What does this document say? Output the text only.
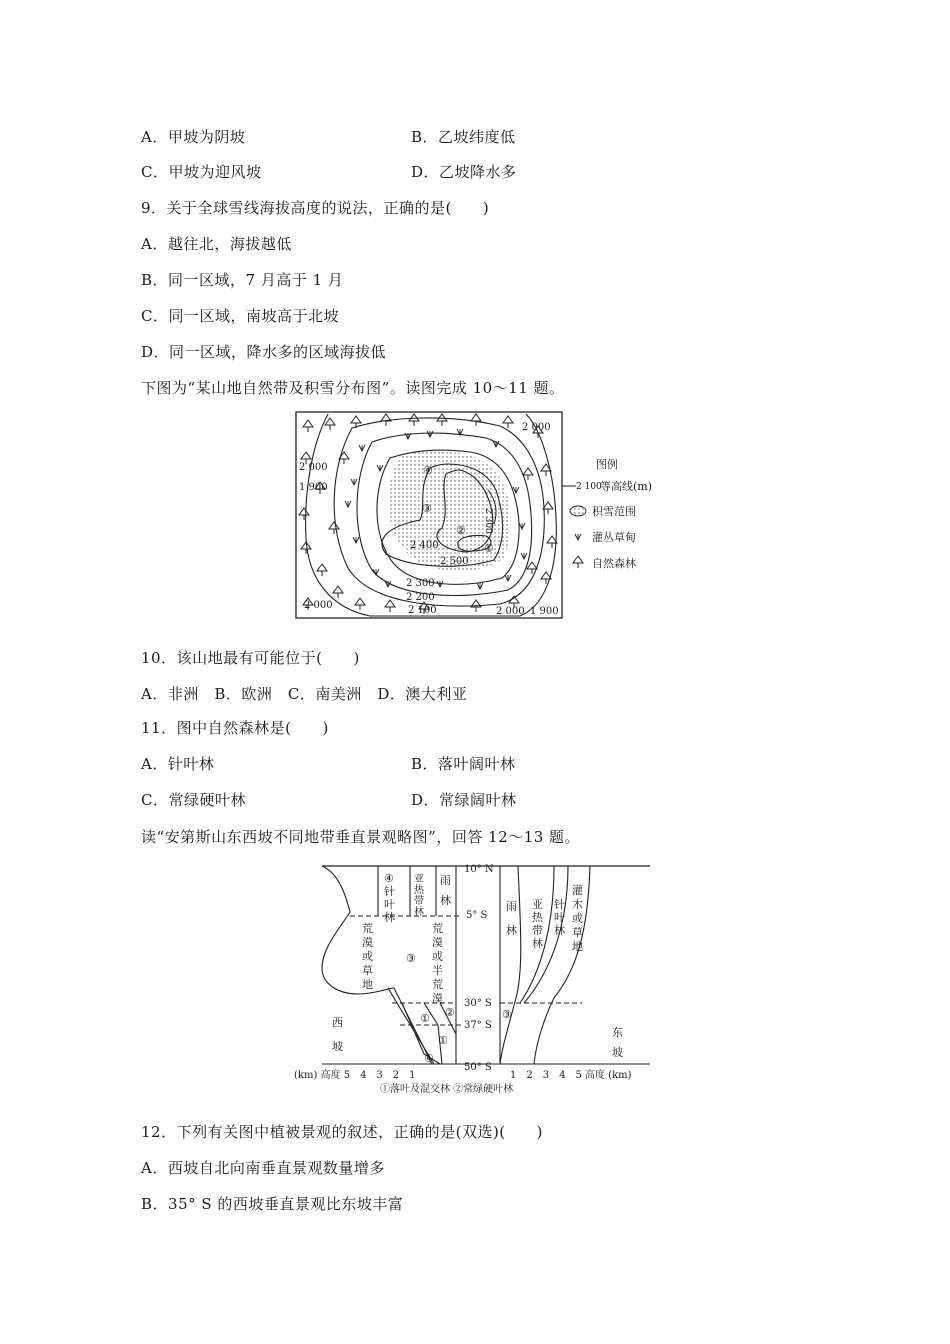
A．甲坡为阴坡	B．乙坡纬度低
C．甲坡为迎风坡	D．乙坡降水多
9．关于全球雪线海拔高度的说法，正确的是(　　)
A．越往北，海拔越低
B．同一区域，7 月高于 1 月
C．同一区域，南坡高于北坡
D．同一区域，降水多的区域海拔低
下图为“某山地自然带及积雪分布图”。读图完成 10～11 题。
2 000
2 000
1 900
2 000
2 300
2 200
2 100	2 000 1 900
2 400
2 500
2 300
④
③
②
①
图例
2 100
等高线(m)
积雪范围
灌丛草甸
自然森林
10．该山地最有可能位于(　　)
A．非洲　B．欧洲　C．南美洲　D．澳大利亚
11．图中自然森林是(　　)
A．针叶林	B．落叶阔叶林
C．常绿硬叶林	D．常绿阔叶林
读“安第斯山东西坡不同地带垂直景观略图”，回答 12～13 题。
10° N
5° S
30° S
37° S
50° S
④
针
叶
林
亚
热
带
林
雨
林
荒
漠
或
草
地
③
荒
漠
或
半
荒
漠
②
①
①
④
西
坡
雨
林
亚
热
带
林
针
叶
林
灌
木
或
草
地
③
东
坡
(km) 高度 5　4　3　2　1	1　2　3　4　5 高度 (km)
①落叶及混交林 ②常绿硬叶林
12．下列有关图中植被景观的叙述，正确的是(双选)(　　)
A．西坡自北向南垂直景观数量增多
B．35° S 的西坡垂直景观比东坡丰富
